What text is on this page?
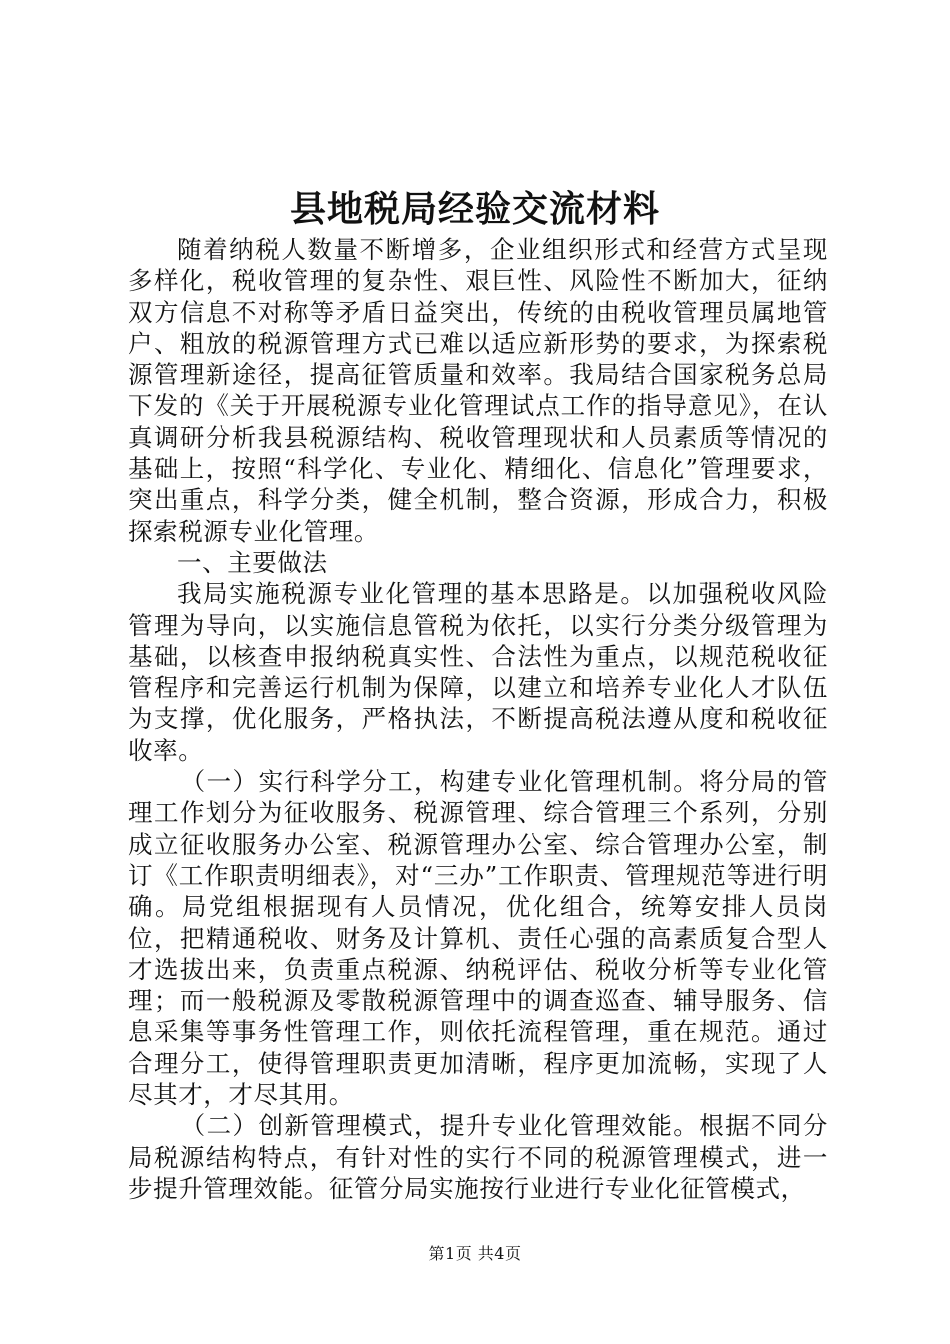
县地税局经验交流材料

随着纳税人数量不断增多，企业组织形式和经营方式呈现多样化，税收管理的复杂性、艰巨性、风险性不断加大，征纳双方信息不对称等矛盾日益突出，传统的由税收管理员属地管户、粗放的税源管理方式已难以适应新形势的要求，为探索税源管理新途径，提高征管质量和效率。我局结合国家税务总局下发的《关于开展税源专业化管理试点工作的指导意见》，在认真调研分析我县税源结构、税收管理现状和人员素质等情况的基础上，按照“科学化、专业化、精细化、信息化”管理要求，突出重点，科学分类，健全机制，整合资源，形成合力，积极探索税源专业化管理。

一、主要做法

我局实施税源专业化管理的基本思路是。以加强税收风险管理为导向，以实施信息管税为依托，以实行分类分级管理为基础，以核查申报纳税真实性、合法性为重点，以规范税收征管程序和完善运行机制为保障，以建立和培养专业化人才队伍为支撑，优化服务，严格执法，不断提高税法遵从度和税收征收率。

（一）实行科学分工，构建专业化管理机制。将分局的管理工作划分为征收服务、税源管理、综合管理三个系列，分别成立征收服务办公室、税源管理办公室、综合管理办公室，制订《工作职责明细表》，对“三办”工作职责、管理规范等进行明确。局党组根据现有人员情况，优化组合，统筹安排人员岗位，把精通税收、财务及计算机、责任心强的高素质复合型人才选拔出来，负责重点税源、纳税评估、税收分析等专业化管理；而一般税源及零散税源管理中的调查巡查、辅导服务、信息采集等事务性管理工作，则依托流程管理，重在规范。通过合理分工，使得管理职责更加清晰，程序更加流畅，实现了人尽其才，才尽其用。

（二）创新管理模式，提升专业化管理效能。根据不同分局税源结构特点，有针对性的实行不同的税源管理模式，进一步提升管理效能。征管分局实施按行业进行专业化征管模式，

第1页 共4页
